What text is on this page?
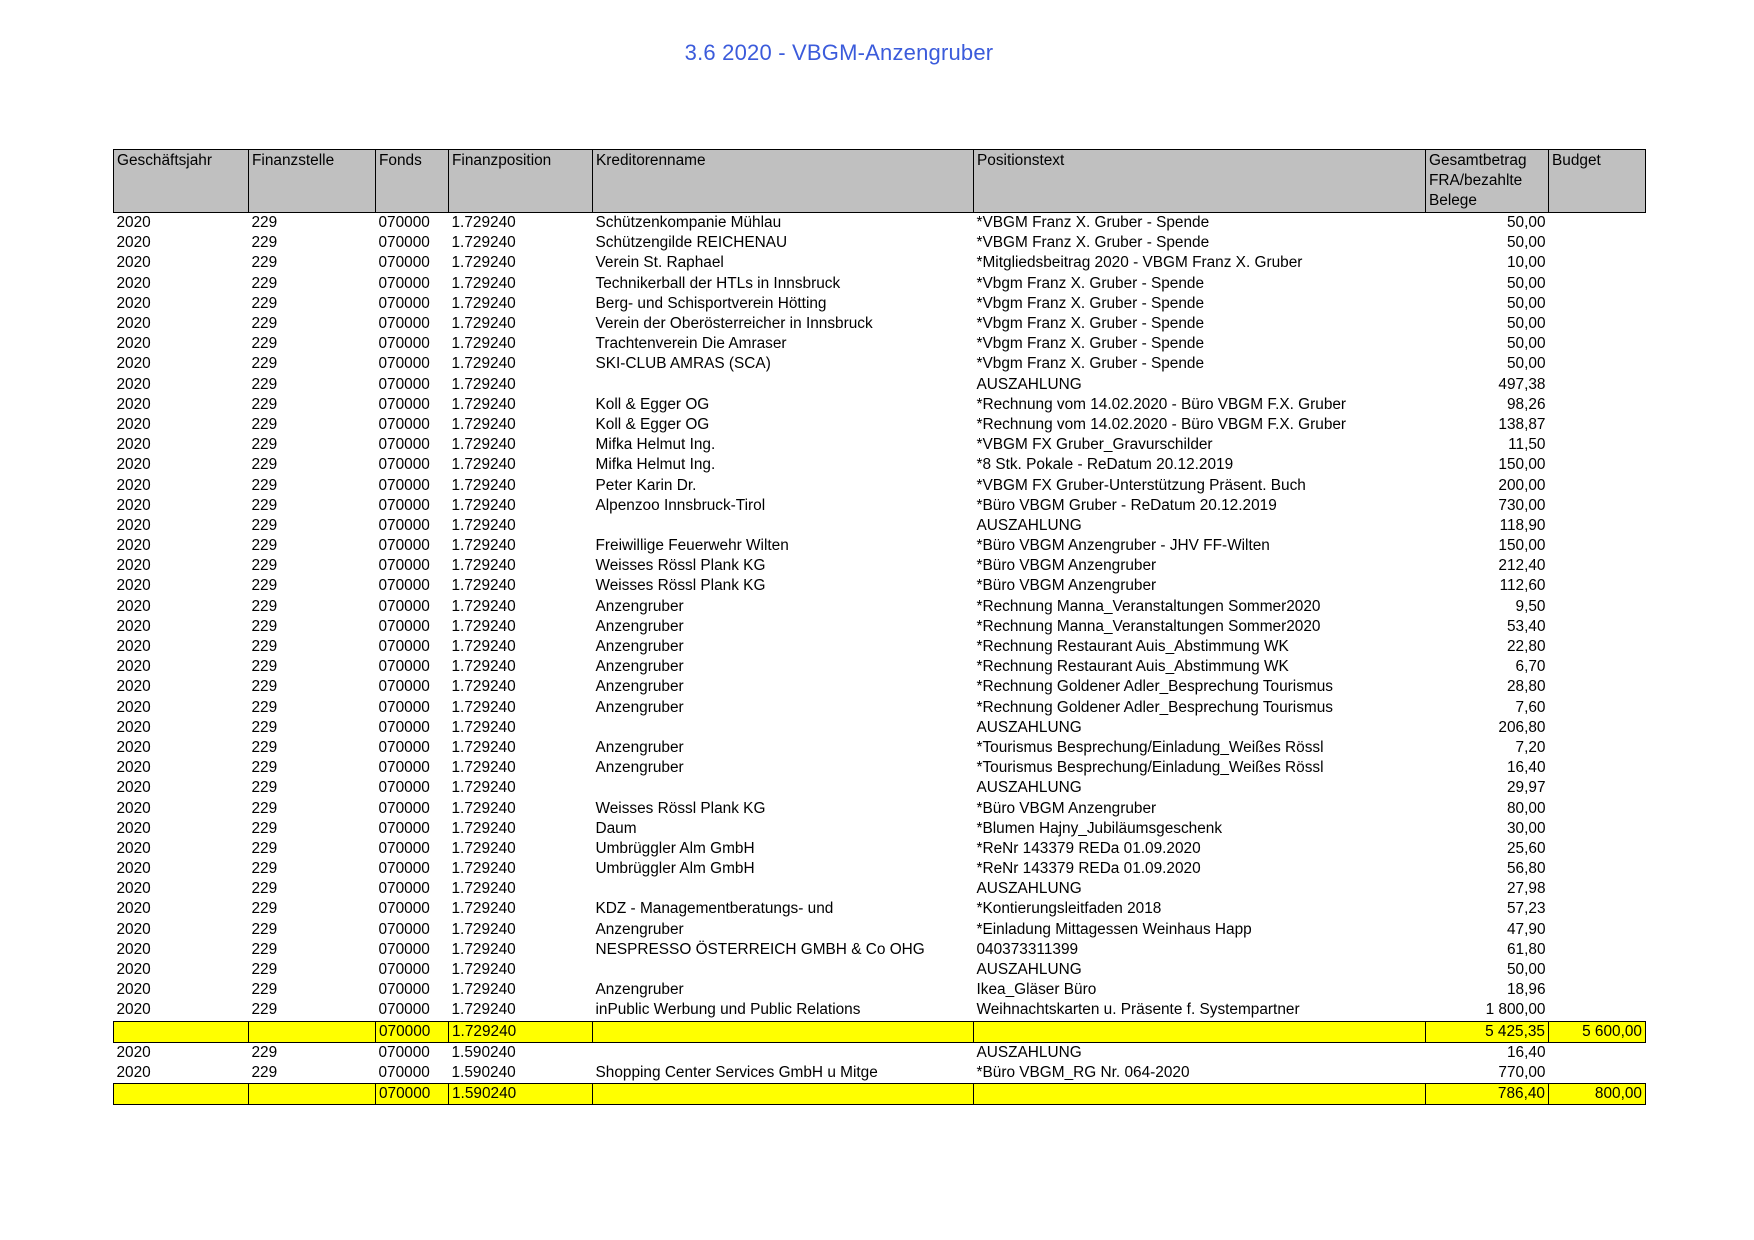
3.6 2020 - VBGM-Anzengruber
Geschäftsjahr	Finanzstelle	Fonds	Finanzposition	Kreditorenname	Positionstext	Gesamtbetrag FRA/bezahlte Belege	Budget
2020	229	070000	1.729240	Schützenkompanie Mühlau	*VBGM Franz X. Gruber - Spende	50,00	
2020	229	070000	1.729240	Schützengilde REICHENAU	*VBGM Franz X. Gruber - Spende	50,00	
2020	229	070000	1.729240	Verein St. Raphael	*Mitgliedsbeitrag 2020 - VBGM Franz X. Gruber	10,00	
2020	229	070000	1.729240	Technikerball der HTLs in Innsbruck	*Vbgm Franz X. Gruber - Spende	50,00	
2020	229	070000	1.729240	Berg- und Schisportverein Hötting	*Vbgm Franz X. Gruber - Spende	50,00	
2020	229	070000	1.729240	Verein der Oberösterreicher in Innsbruck	*Vbgm Franz X. Gruber - Spende	50,00	
2020	229	070000	1.729240	Trachtenverein Die Amraser	*Vbgm Franz X. Gruber - Spende	50,00	
2020	229	070000	1.729240	SKI-CLUB AMRAS (SCA)	*Vbgm Franz X. Gruber - Spende	50,00	
2020	229	070000	1.729240		AUSZAHLUNG	497,38	
2020	229	070000	1.729240	Koll & Egger OG	*Rechnung vom 14.02.2020 - Büro VBGM F.X. Gruber	98,26	
2020	229	070000	1.729240	Koll & Egger OG	*Rechnung vom 14.02.2020 - Büro VBGM F.X. Gruber	138,87	
2020	229	070000	1.729240	Mifka Helmut Ing.	*VBGM FX Gruber_Gravurschilder	11,50	
2020	229	070000	1.729240	Mifka Helmut Ing.	*8 Stk. Pokale - ReDatum 20.12.2019	150,00	
2020	229	070000	1.729240	Peter Karin Dr.	*VBGM FX Gruber-Unterstützung Präsent. Buch	200,00	
2020	229	070000	1.729240	Alpenzoo Innsbruck-Tirol	*Büro VBGM Gruber - ReDatum 20.12.2019	730,00	
2020	229	070000	1.729240		AUSZAHLUNG	118,90	
2020	229	070000	1.729240	Freiwillige Feuerwehr Wilten	*Büro VBGM Anzengruber - JHV FF-Wilten	150,00	
2020	229	070000	1.729240	Weisses Rössl Plank KG	*Büro VBGM Anzengruber	212,40	
2020	229	070000	1.729240	Weisses Rössl Plank KG	*Büro VBGM Anzengruber	112,60	
2020	229	070000	1.729240	Anzengruber	*Rechnung Manna_Veranstaltungen Sommer2020	9,50	
2020	229	070000	1.729240	Anzengruber	*Rechnung Manna_Veranstaltungen Sommer2020	53,40	
2020	229	070000	1.729240	Anzengruber	*Rechnung Restaurant Auis_Abstimmung WK	22,80	
2020	229	070000	1.729240	Anzengruber	*Rechnung Restaurant Auis_Abstimmung WK	6,70	
2020	229	070000	1.729240	Anzengruber	*Rechnung Goldener Adler_Besprechung Tourismus	28,80	
2020	229	070000	1.729240	Anzengruber	*Rechnung Goldener Adler_Besprechung Tourismus	7,60	
2020	229	070000	1.729240		AUSZAHLUNG	206,80	
2020	229	070000	1.729240	Anzengruber	*Tourismus Besprechung/Einladung_Weißes Rössl	7,20	
2020	229	070000	1.729240	Anzengruber	*Tourismus Besprechung/Einladung_Weißes Rössl	16,40	
2020	229	070000	1.729240		AUSZAHLUNG	29,97	
2020	229	070000	1.729240	Weisses Rössl Plank KG	*Büro VBGM Anzengruber	80,00	
2020	229	070000	1.729240	Daum	*Blumen Hajny_Jubiläumsgeschenk	30,00	
2020	229	070000	1.729240	Umbrüggler Alm GmbH	*ReNr 143379 REDa 01.09.2020	25,60	
2020	229	070000	1.729240	Umbrüggler Alm GmbH	*ReNr 143379 REDa 01.09.2020	56,80	
2020	229	070000	1.729240		AUSZAHLUNG	27,98	
2020	229	070000	1.729240	KDZ - Managementberatungs- und	*Kontierungsleitfaden 2018	57,23	
2020	229	070000	1.729240	Anzengruber	*Einladung Mittagessen Weinhaus Happ	47,90	
2020	229	070000	1.729240	NESPRESSO ÖSTERREICH GMBH & Co OHG	040373311399	61,80	
2020	229	070000	1.729240		AUSZAHLUNG	50,00	
2020	229	070000	1.729240	Anzengruber	Ikea_Gläser Büro	18,96	
2020	229	070000	1.729240	inPublic Werbung und Public Relations	Weihnachtskarten u. Präsente f. Systempartner	1 800,00	
		070000	1.729240			5 425,35	5 600,00
2020	229	070000	1.590240		AUSZAHLUNG	16,40	
2020	229	070000	1.590240	Shopping Center Services GmbH u Mitge	*Büro VBGM_RG Nr. 064-2020	770,00	
		070000	1.590240			786,40	800,00
